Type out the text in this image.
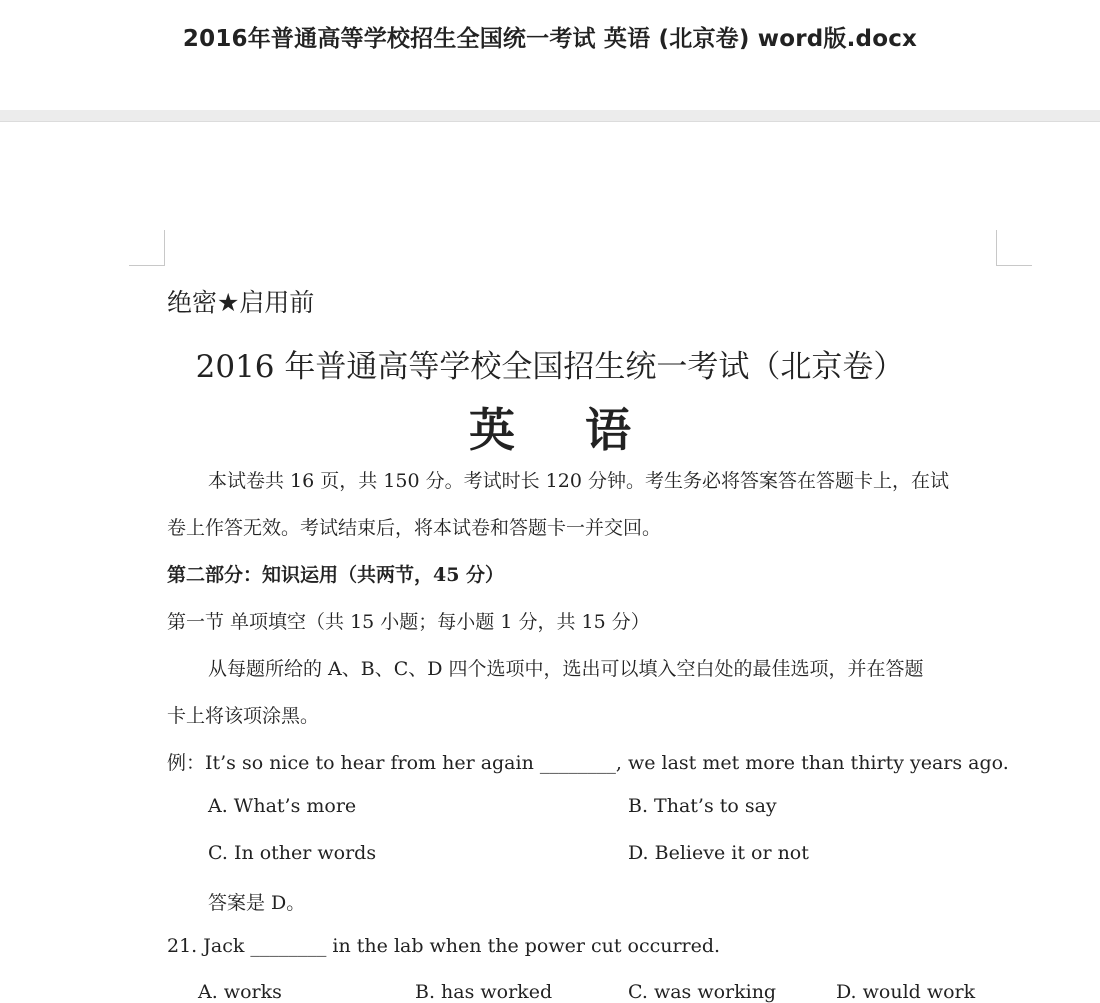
2016年普通高等学校招生全国统一考试 英语 (北京卷) word版.docx
绝密★启用前
2016 年普通高等学校全国招生统一考试（北京卷）
英语
本试卷共 16 页，共 150 分。考试时长 120 分钟。考生务必将答案答在答题卡上，在试
卷上作答无效。考试结束后，将本试卷和答题卡一并交回。
第二部分：知识运用（共两节，45 分）
第一节 单项填空（共 15 小题；每小题 1 分，共 15 分）
从每题所给的 A、B、C、D 四个选项中，选出可以填入空白处的最佳选项，并在答题
卡上将该项涂黑。
例：It’s so nice to hear from her again ________, we last met more than thirty years ago.
A. What’s more	B. That’s to say
C. In other words	D. Believe it or not
答案是 D。
21. Jack ________ in the lab when the power cut occurred.
A. works	B. has worked	C. was working	D. would work
